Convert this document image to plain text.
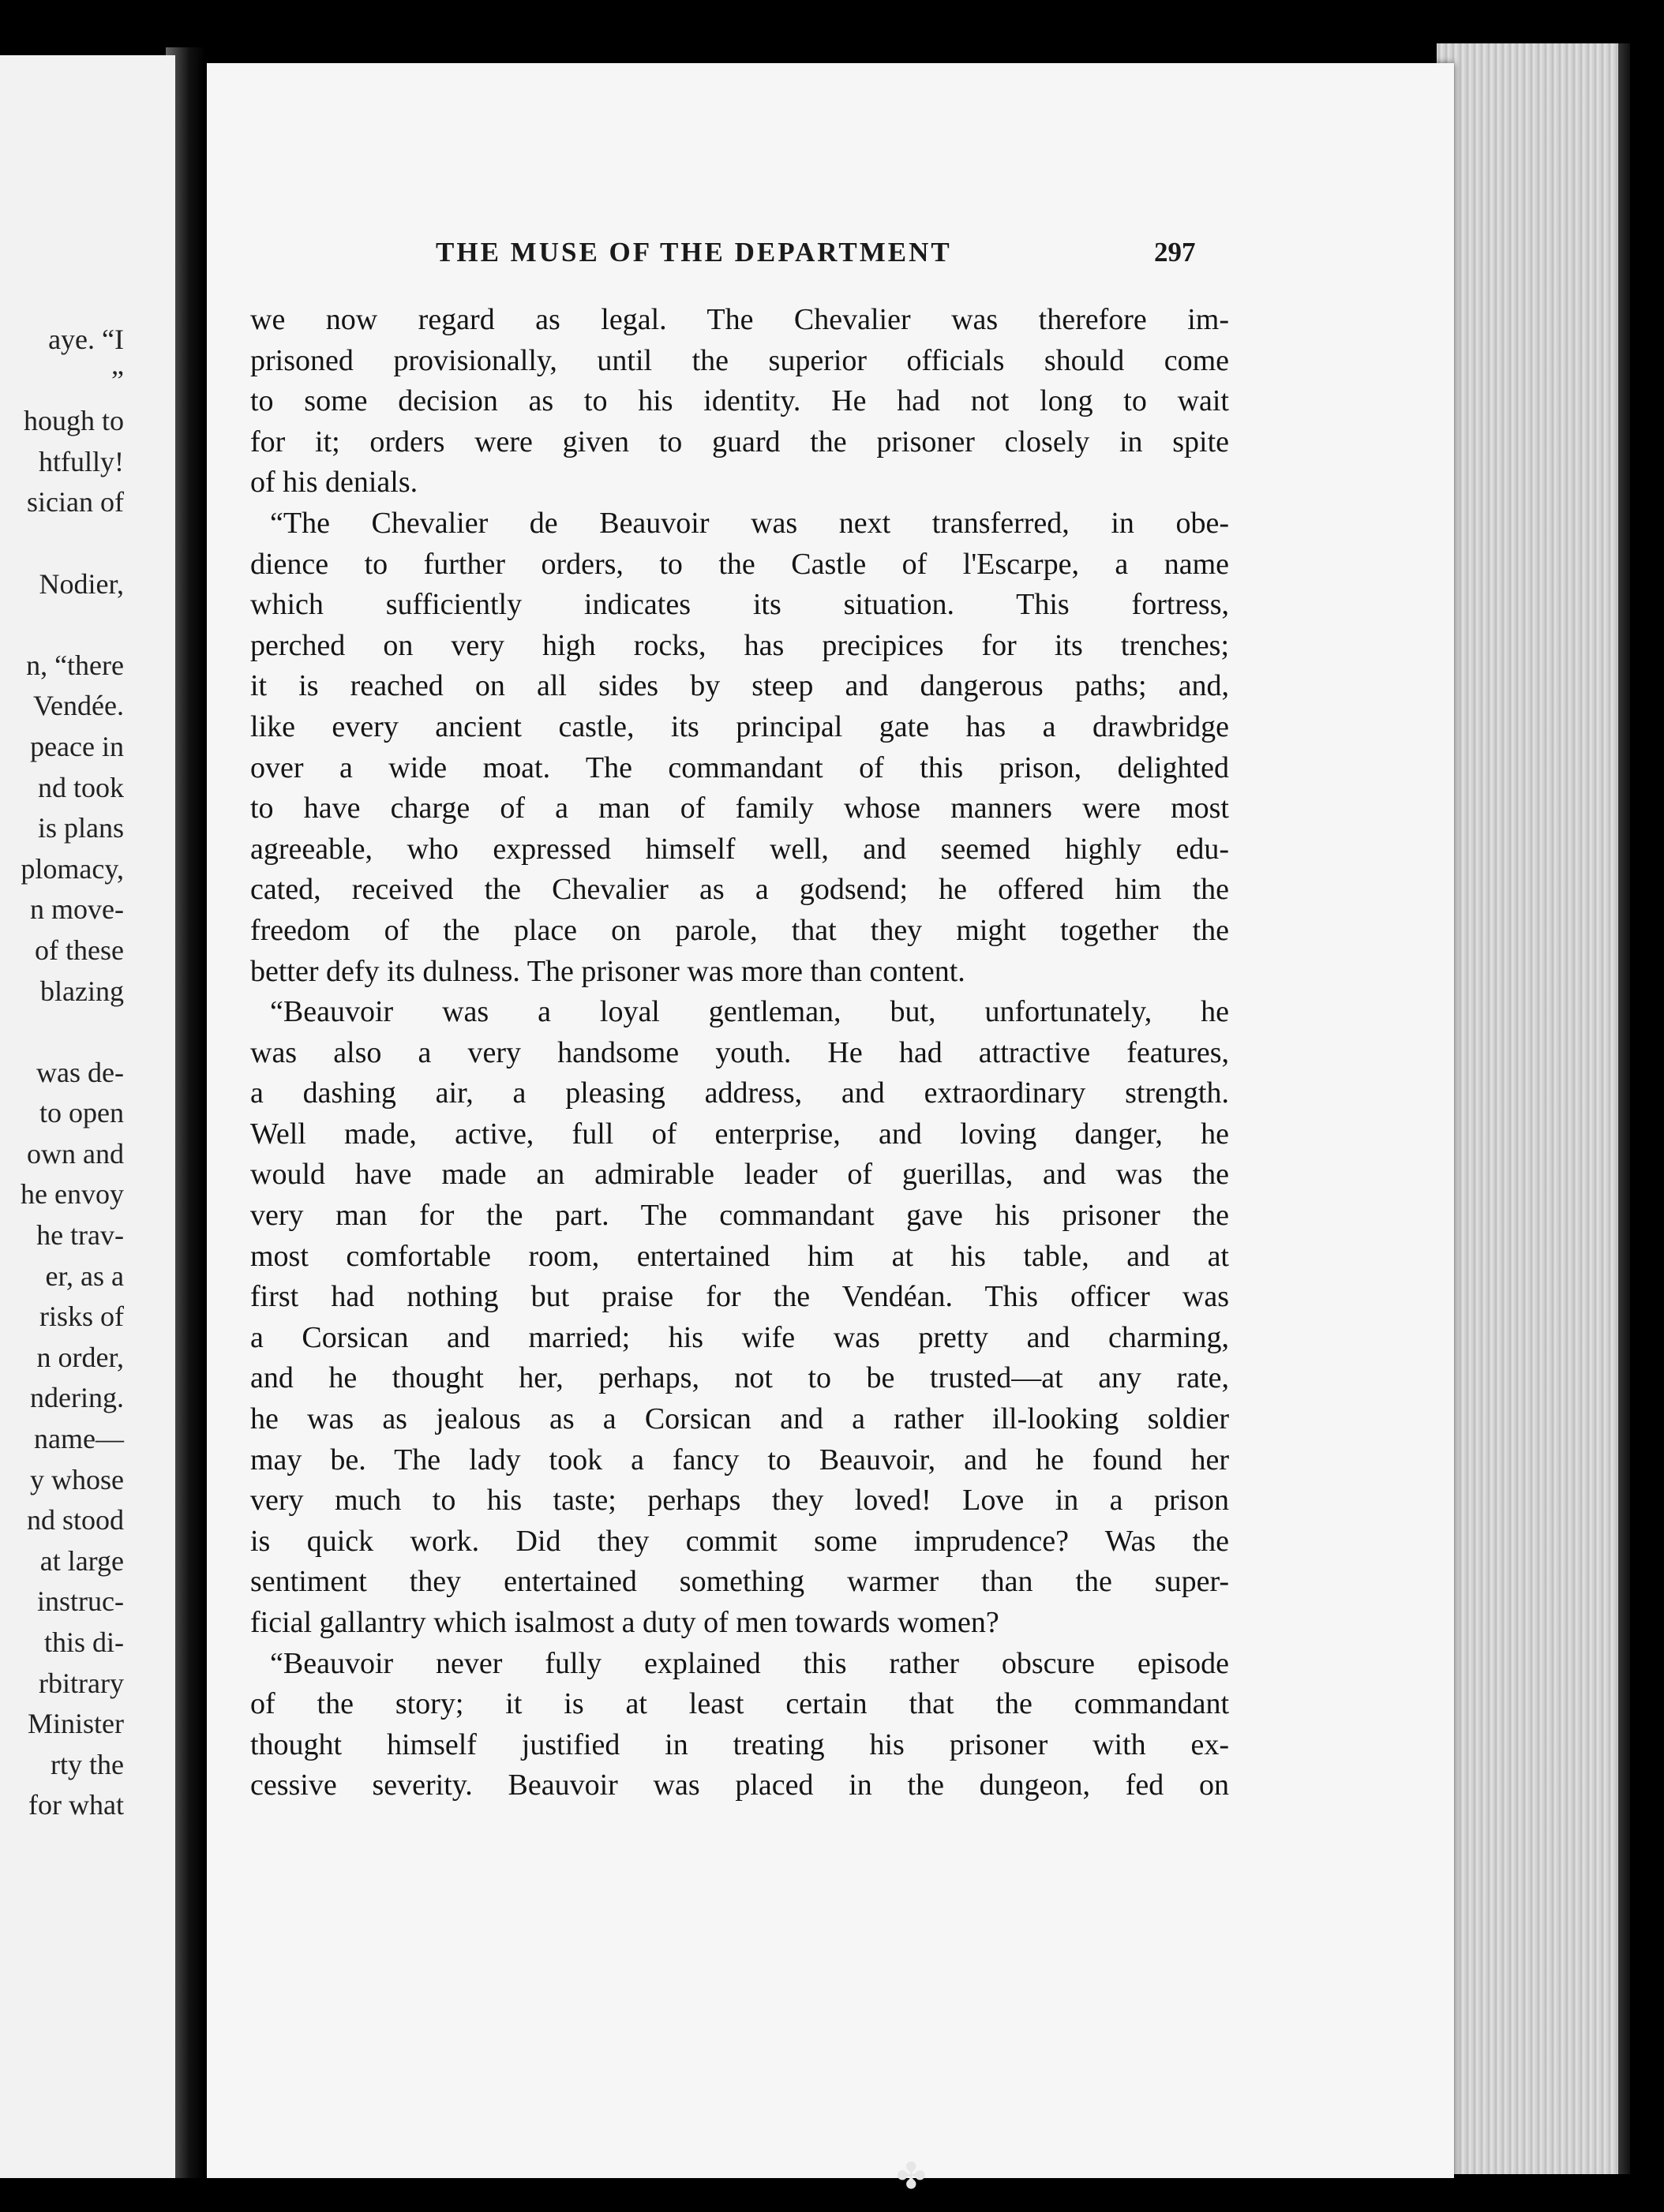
aye. “I
”
hough to
htfully!
sician of
Nodier,
n, “there
Vendée.
peace in
nd took
is plans
plomacy,
n move-
of these
blazing
was de-
to open
own and
he envoy
he trav-
er, as a
risks of
n order,
ndering.
name—
y whose
nd stood
at large
instruc-
this di-
rbitrary
Minister
rty the
for what
THE MUSE OF THE DEPARTMENT	297
we now regard as legal. The Chevalier was therefore im-
prisoned provisionally, until the superior officials should come
to some decision as to his identity. He had not long to wait
for it; orders were given to guard the prisoner closely in spite
of his denials.
“The Chevalier de Beauvoir was next transferred, in obe-
dience to further orders, to the Castle of l'Escarpe, a name
which sufficiently indicates its situation. This fortress,
perched on very high rocks, has precipices for its trenches;
it is reached on all sides by steep and dangerous paths; and,
like every ancient castle, its principal gate has a drawbridge
over a wide moat. The commandant of this prison, delighted
to have charge of a man of family whose manners were most
agreeable, who expressed himself well, and seemed highly edu-
cated, received the Chevalier as a godsend; he offered him the
freedom of the place on parole, that they might together the
better defy its dulness. The prisoner was more than content.
“Beauvoir was a loyal gentleman, but, unfortunately, he
was also a very handsome youth. He had attractive features,
a dashing air, a pleasing address, and extraordinary strength.
Well made, active, full of enterprise, and loving danger, he
would have made an admirable leader of guerillas, and was the
very man for the part. The commandant gave his prisoner the
most comfortable room, entertained him at his table, and at
first had nothing but praise for the Vendéan. This officer was
a Corsican and married; his wife was pretty and charming,
and he thought her, perhaps, not to be trusted—at any rate,
he was as jealous as a Corsican and a rather ill-looking soldier
may be. The lady took a fancy to Beauvoir, and he found her
very much to his taste; perhaps they loved! Love in a prison
is quick work. Did they commit some imprudence? Was the
sentiment they entertained something warmer than the super-
ficial gallantry which isalmost a duty of men towards women?
“Beauvoir never fully explained this rather obscure episode
of the story; it is at least certain that the commandant
thought himself justified in treating his prisoner with ex-
cessive severity. Beauvoir was placed in the dungeon, fed on
✤
